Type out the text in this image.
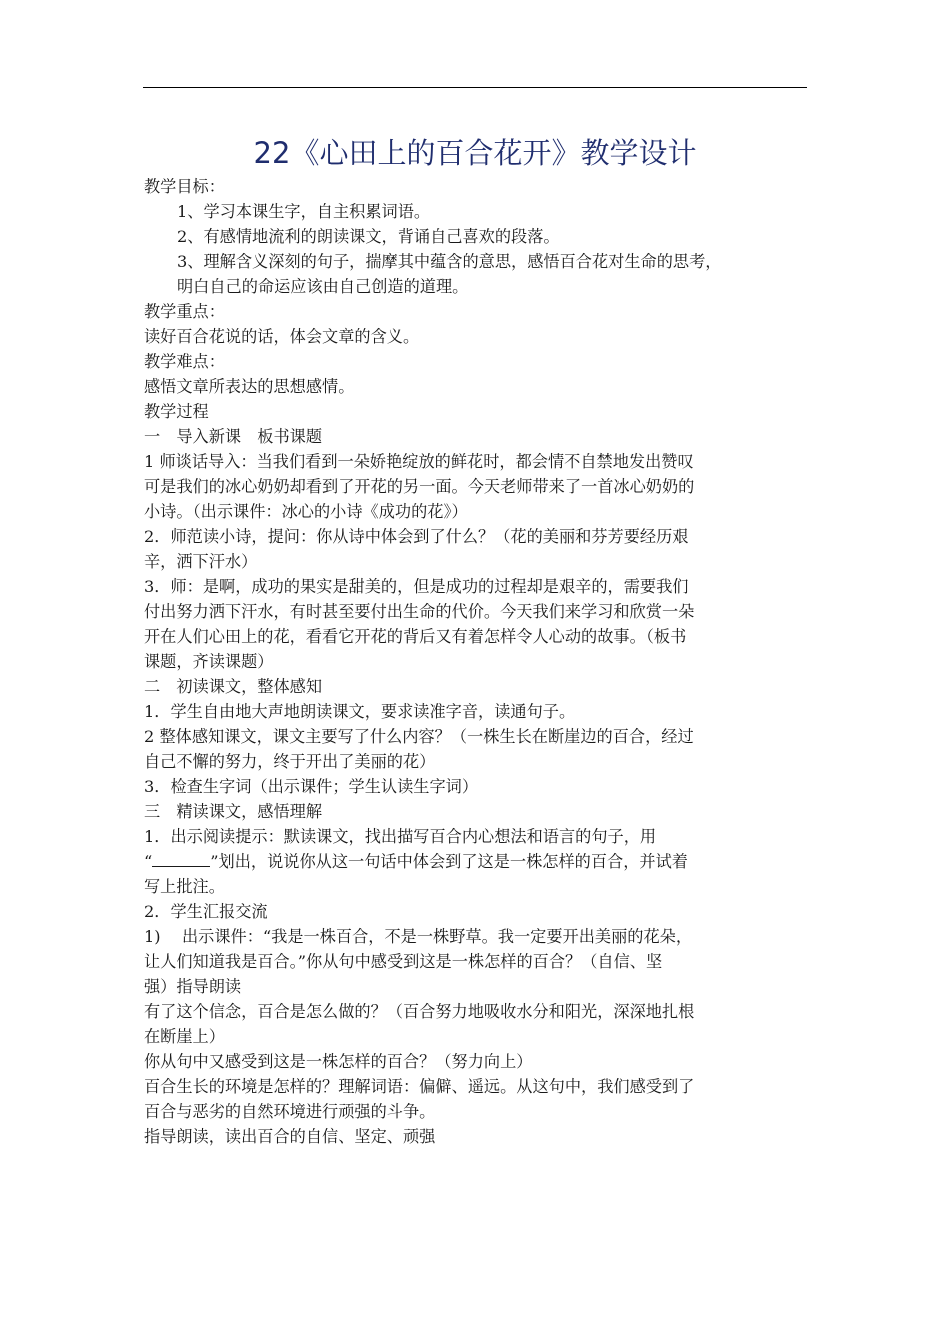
22《心田上的百合花开》教学设计
教学目标：
1、学习本课生字，自主积累词语。
2、有感情地流利的朗读课文，背诵自己喜欢的段落。
3、理解含义深刻的句子，揣摩其中蕴含的意思，感悟百合花对生命的思考，
明白自己的命运应该由自己创造的道理。
教学重点：
读好百合花说的话，体会文章的含义。
教学难点：
感悟文章所表达的思想感情。
教学过程
一　导入新课　板书课题
1 师谈话导入：当我们看到一朵娇艳绽放的鲜花时，都会情不自禁地发出赞叹
可是我们的冰心奶奶却看到了开花的另一面。今天老师带来了一首冰心奶奶的
小诗。（出示课件：冰心的小诗《成功的花》）
2．师范读小诗，提问：你从诗中体会到了什么？（花的美丽和芬芳要经历艰
辛，洒下汗水）
3．师：是啊，成功的果实是甜美的，但是成功的过程却是艰辛的，需要我们
付出努力洒下汗水，有时甚至要付出生命的代价。今天我们来学习和欣赏一朵
开在人们心田上的花，看看它开花的背后又有着怎样令人心动的故事。（板书
课题，齐读课题）
二　初读课文，整体感知
1．学生自由地大声地朗读课文，要求读准字音，读通句子。
2 整体感知课文，课文主要写了什么内容？（一株生长在断崖边的百合，经过
自己不懈的努力，终于开出了美丽的花）
3．检查生字词（出示课件；学生认读生字词）
三　精读课文，感悟理解
1．出示阅读提示：默读课文，找出描写百合内心想法和语言的句子，用
“	”划出，说说你从这一句话中体会到了这是一株怎样的百合，并试着
写上批注。
2．学生汇报交流
1)　 出示课件：“我是一株百合，不是一株野草。我一定要开出美丽的花朵，
让人们知道我是百合。”你从句中感受到这是一株怎样的百合？（自信、坚
强）指导朗读
有了这个信念，百合是怎么做的？（百合努力地吸收水分和阳光，深深地扎根
在断崖上）
你从句中又感受到这是一株怎样的百合？（努力向上）
百合生长的环境是怎样的？理解词语：偏僻、遥远。从这句中，我们感受到了
百合与恶劣的自然环境进行顽强的斗争。
指导朗读，读出百合的自信、坚定、顽强
